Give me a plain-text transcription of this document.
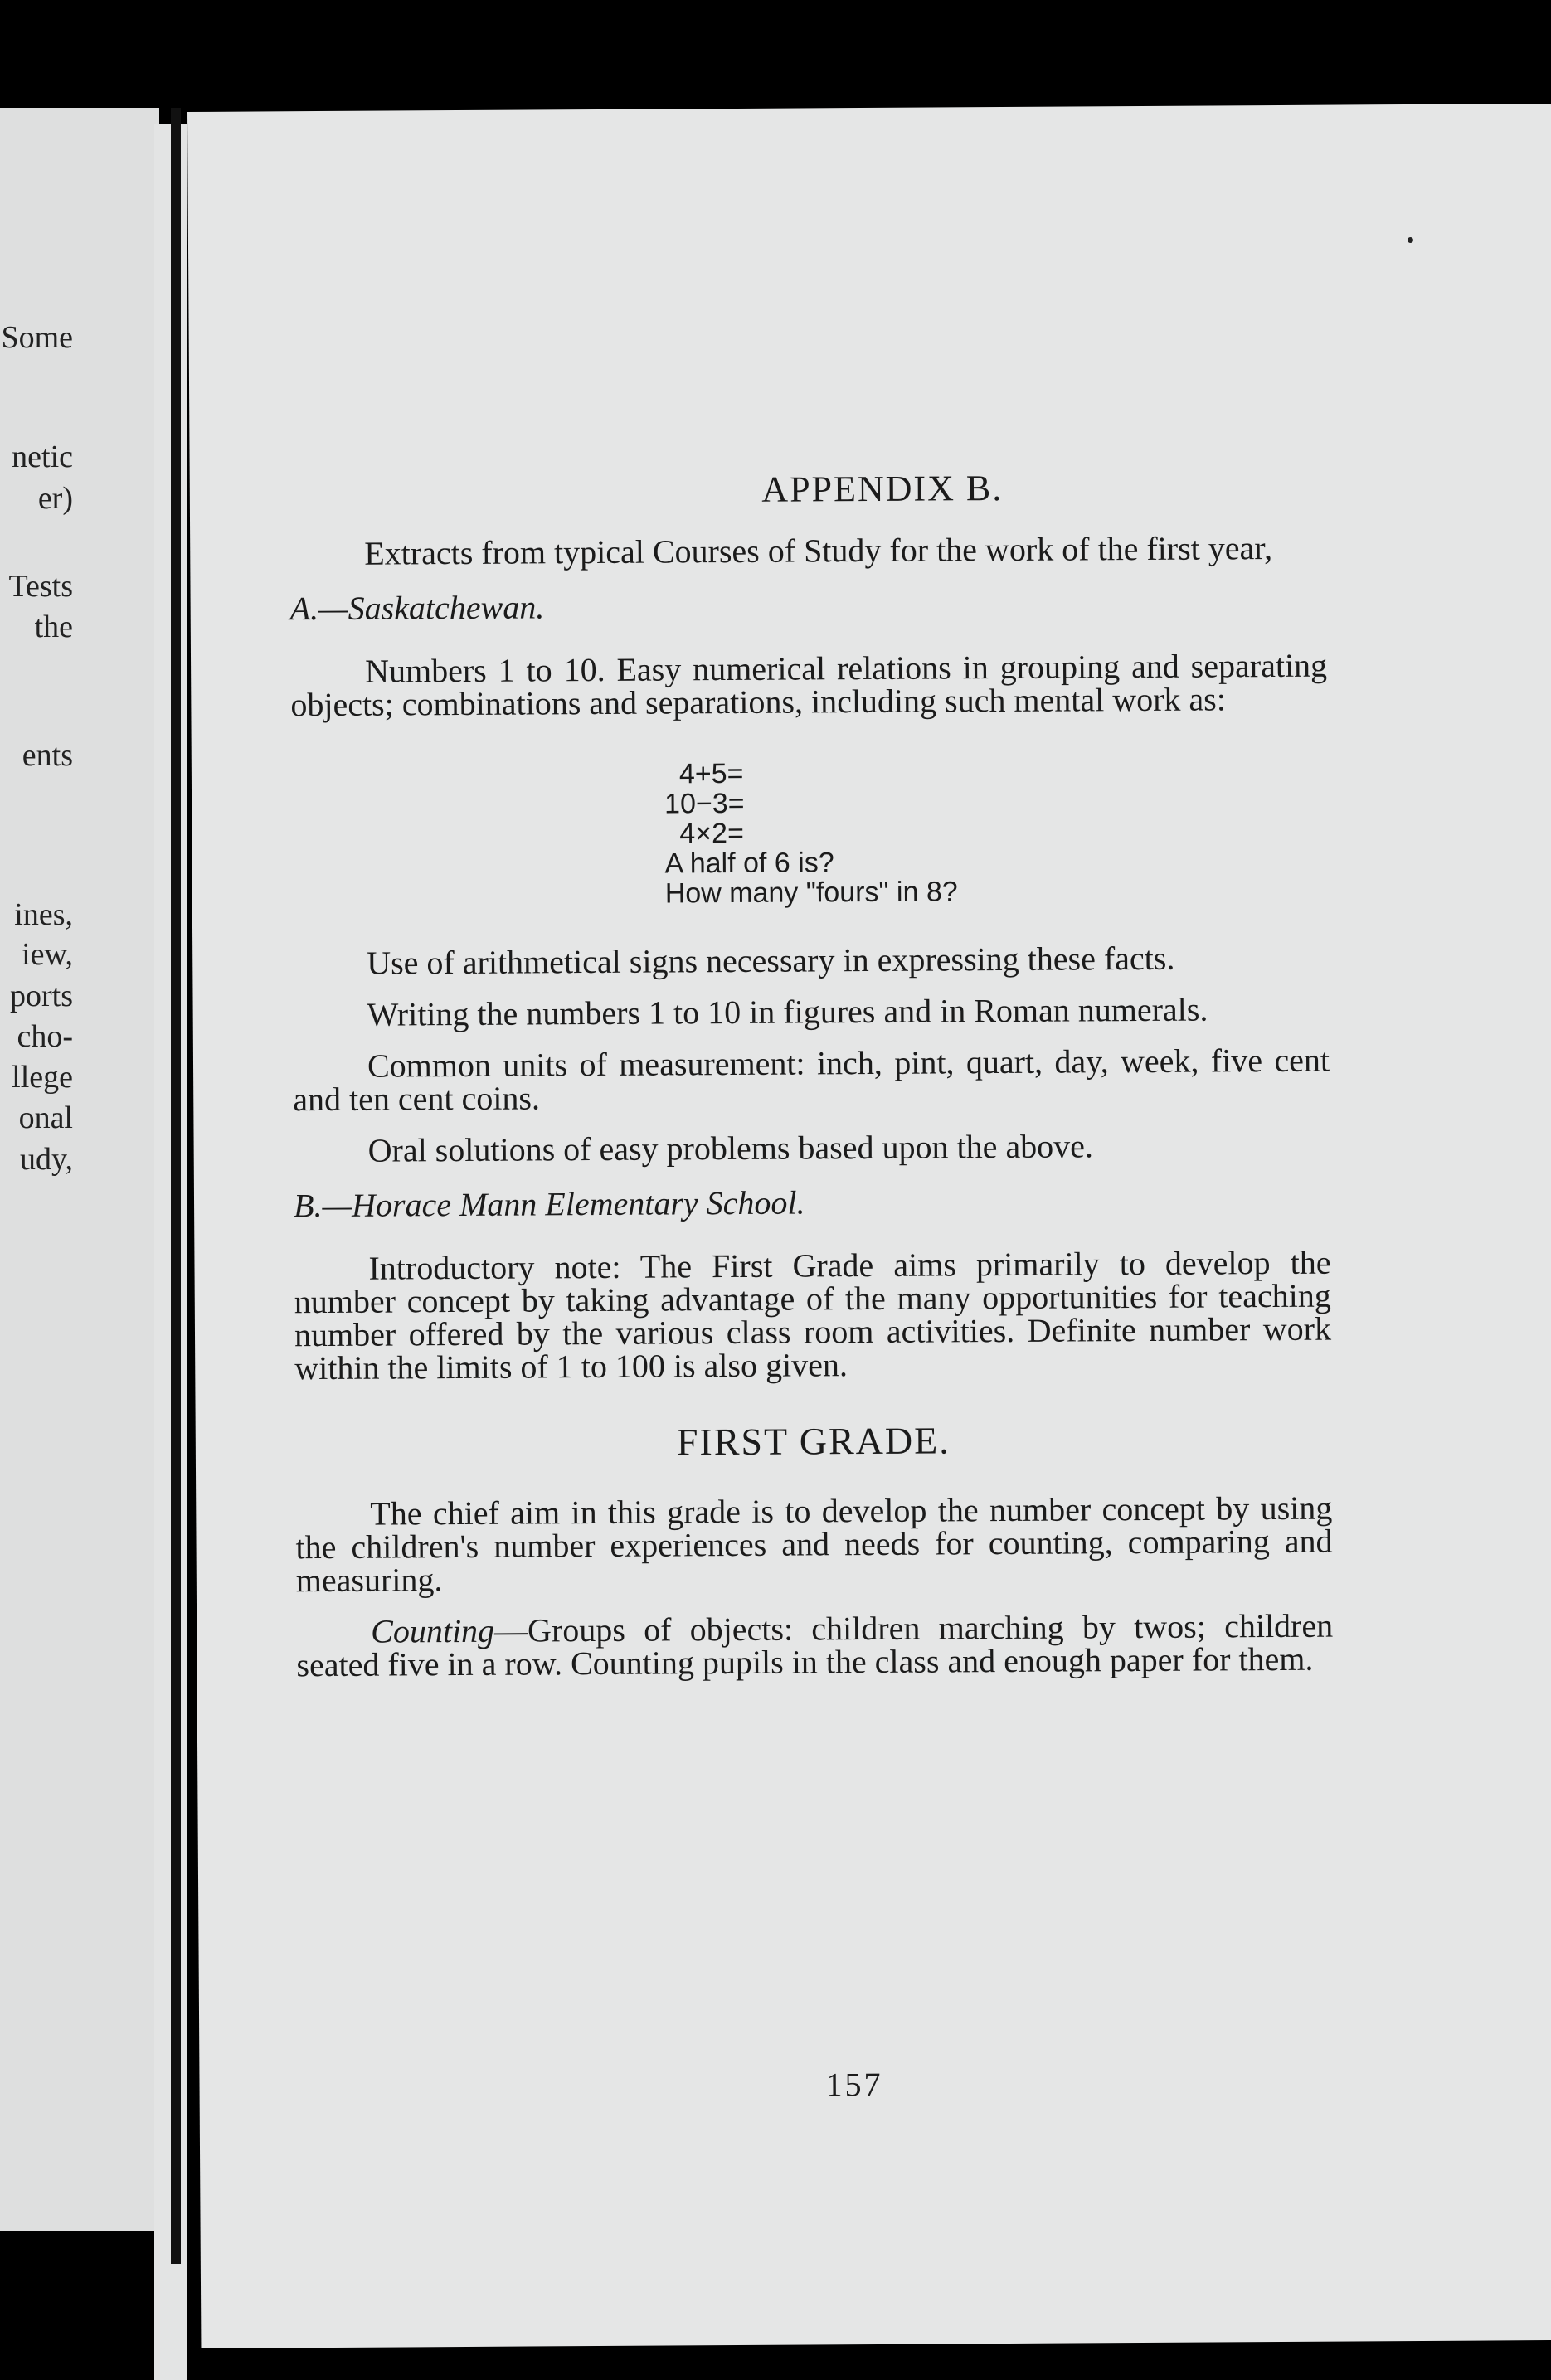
Some
netic
er)
Tests
the
ents
ines,
iew,
ports
cho-
llege
onal
udy,
APPENDIX B.

Extracts from typical Courses of Study for the work of the first year,

A.—Saskatchewan.

Numbers 1 to 10. Easy numerical relations in grouping and separating objects; combinations and separations, including such mental work as:

4+5=
10−3=
4×2=
A half of 6 is?
How many "fours" in 8?

Use of arithmetical signs necessary in expressing these facts.

Writing the numbers 1 to 10 in figures and in Roman numerals.

Common units of measurement: inch, pint, quart, day, week, five cent and ten cent coins.

Oral solutions of easy problems based upon the above.

B.—Horace Mann Elementary School.

Introductory note: The First Grade aims primarily to develop the number concept by taking advantage of the many opportunities for teaching number offered by the various class room activities. Definite number work within the limits of 1 to 100 is also given.

FIRST GRADE.

The chief aim in this grade is to develop the number concept by using the children's number experiences and needs for counting, comparing and measuring.

Counting—Groups of objects: children marching by twos; children seated five in a row. Counting pupils in the class and enough paper for them.

157
